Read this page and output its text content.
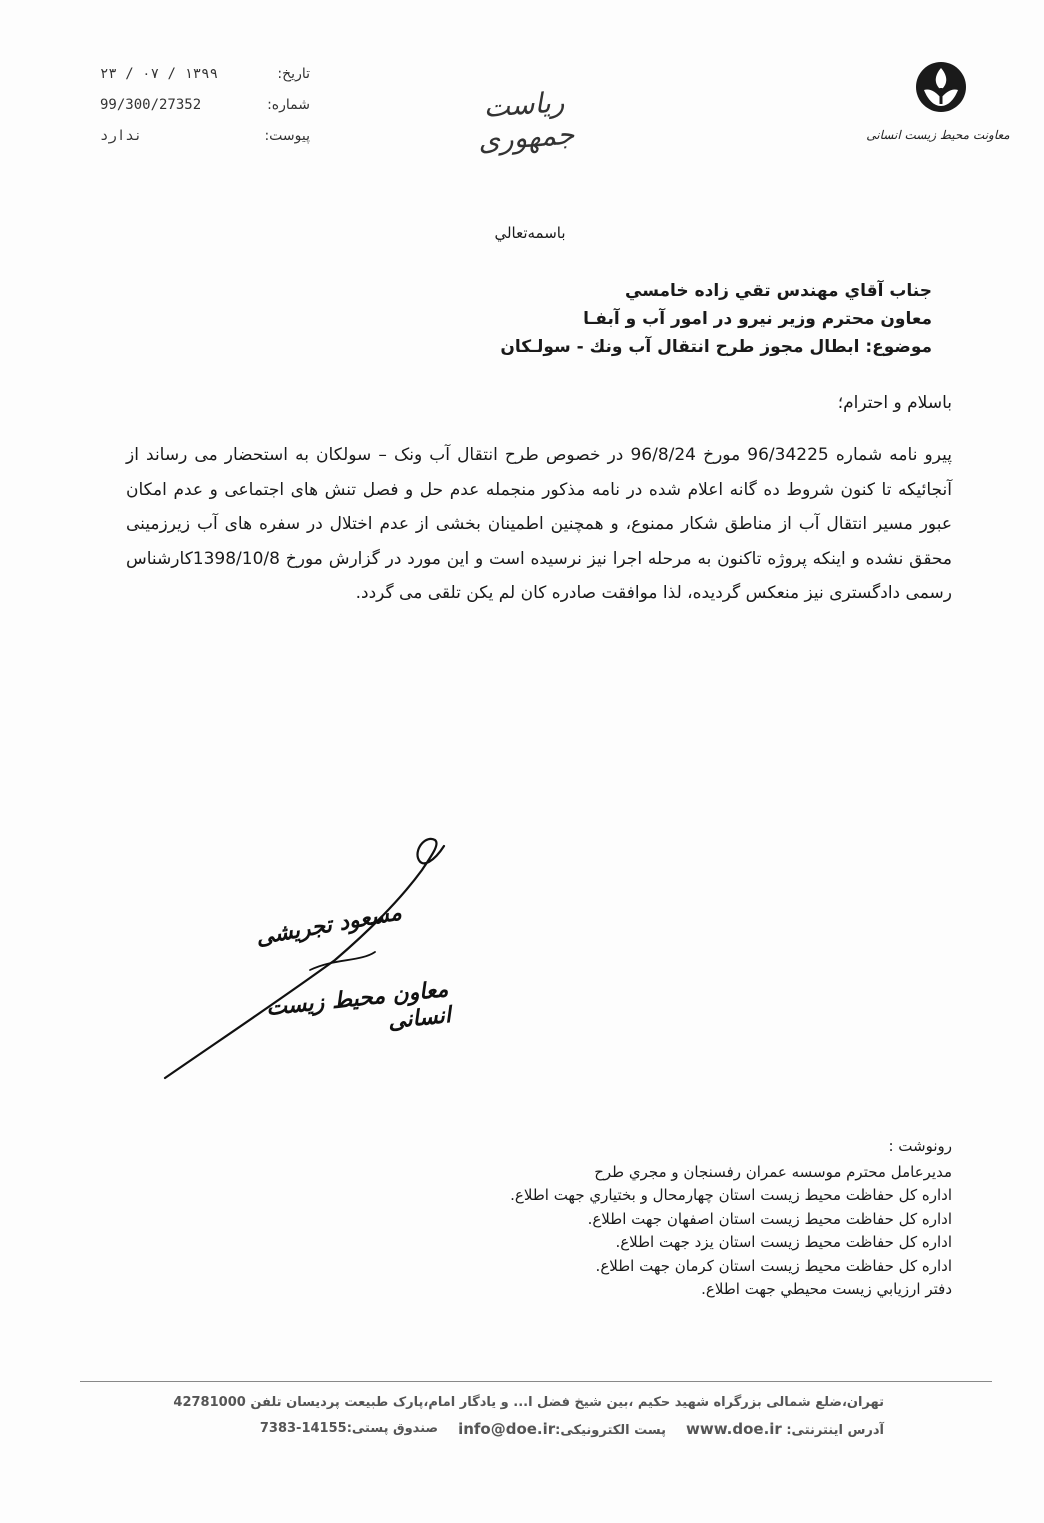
معاونت محیط زیست انسانی
ریاست جمهوری
تاریخ:
۱۳۹۹ / ۰۷ / ۲۳
شماره:
99/300/27352
پیوست:
ندارد
باسمه‌تعالي
جناب آقاي مهندس تقي زاده خامسي
معاون محترم وزير نيرو در امور آب و آبفـا
موضوع: ابطال مجوز طرح انتقال آب ونك - سولـكان
باسلام و احترام؛
پيرو نامه شماره 96/34225 مورخ 96/8/24 در خصوص طرح انتقال آب ونک – سولکان به استحضار می رساند از آنجائیکه تا کنون شروط ده گانه اعلام شده در نامه مذکور منجمله عدم حل و فصل تنش های اجتماعی و عدم امکان عبور مسیر انتقال آب از مناطق شکار ممنوع، و همچنین اطمینان بخشی از عدم اختلال در سفره های آب زیرزمینی محقق نشده و اینکه پروژه تاکنون به مرحله اجرا نیز نرسیده است و این مورد در گزارش مورخ 1398/10/8کارشناس رسمی دادگستری نیز منعکس گردیده، لذا موافقت صادره کان لم یکن تلقی می گردد.
مسعود تجریشی
معاون محیط زیست انسانی
رونوشت :
مديرعامل محترم موسسه عمران رفسنجان و مجري طرح
اداره کل حفاظت محیط زیست استان چهارمحال و بختياري جهت اطلاع.
اداره کل حفاظت محیط زیست استان اصفهان جهت اطلاع.
اداره کل حفاظت محیط زیست استان یزد جهت اطلاع.
اداره کل حفاظت محیط زیست استان کرمان جهت اطلاع.
دفتر ارزيابي زيست محيطي جهت اطلاع.
تهران،ضلع شمالی بزرگراه شهید حکیم ،بین شیخ فضل ا... و یادگار امام،پارک طبیعت پردیسان تلفن 42781000
آدرس اینترنتی: www.doe.ir
پست الکترونیکی:info@doe.ir
صندوق پستی:14155-7383
